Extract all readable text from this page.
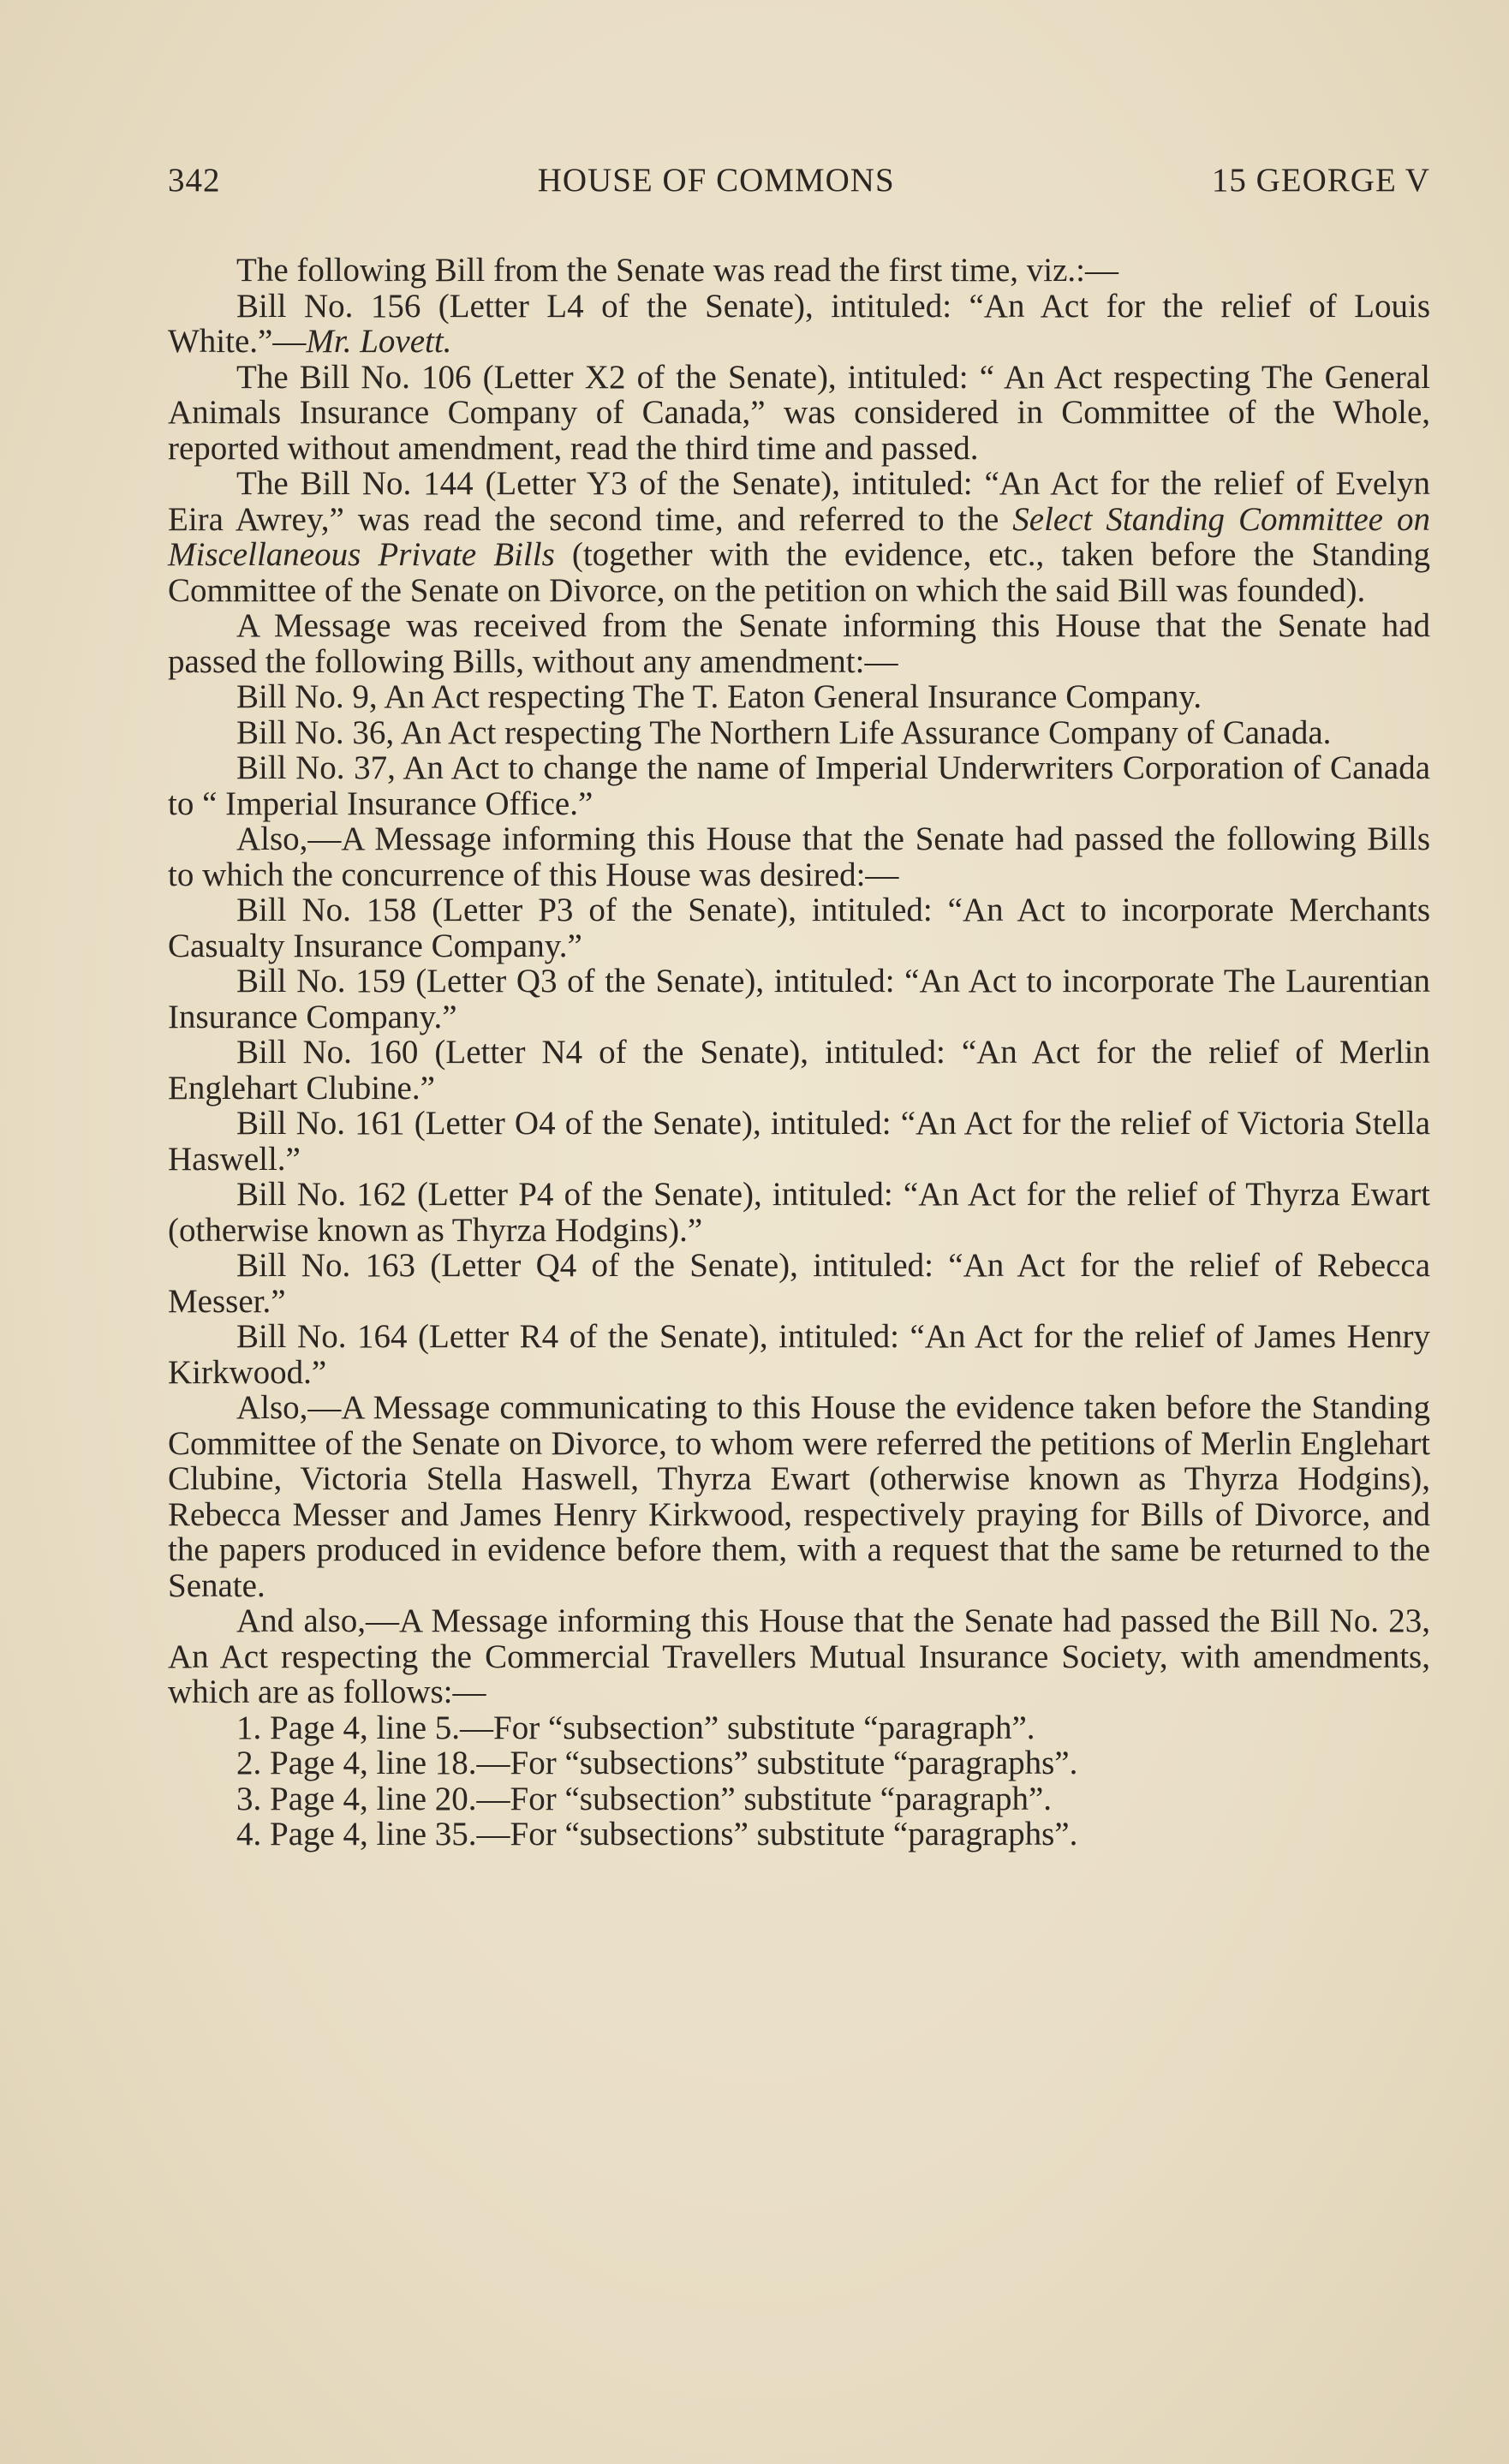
342	HOUSE OF COMMONS	15 GEORGE V

The following Bill from the Senate was read the first time, viz.:—

Bill No. 156 (Letter L4 of the Senate), intituled: “An Act for the relief of Louis White.”—Mr. Lovett.

The Bill No. 106 (Letter X2 of the Senate), intituled: “ An Act respecting The General Animals Insurance Company of Canada,” was considered in Committee of the Whole, reported without amendment, read the third time and passed.

The Bill No. 144 (Letter Y3 of the Senate), intituled: “An Act for the relief of Evelyn Eira Awrey,” was read the second time, and referred to the Select Standing Committee on Miscellaneous Private Bills (together with the evidence, etc., taken before the Standing Committee of the Senate on Divorce, on the petition on which the said Bill was founded).

A Message was received from the Senate informing this House that the Senate had passed the following Bills, without any amendment:—

Bill No. 9, An Act respecting The T. Eaton General Insurance Company.

Bill No. 36, An Act respecting The Northern Life Assurance Company of Canada.

Bill No. 37, An Act to change the name of Imperial Underwriters Corporation of Canada to “ Imperial Insurance Office.”

Also,—A Message informing this House that the Senate had passed the following Bills to which the concurrence of this House was desired:—

Bill No. 158 (Letter P3 of the Senate), intituled: “An Act to incorporate Merchants Casualty Insurance Company.”

Bill No. 159 (Letter Q3 of the Senate), intituled: “An Act to incorporate The Laurentian Insurance Company.”

Bill No. 160 (Letter N4 of the Senate), intituled: “An Act for the relief of Merlin Englehart Clubine.”

Bill No. 161 (Letter O4 of the Senate), intituled: “An Act for the relief of Victoria Stella Haswell.”

Bill No. 162 (Letter P4 of the Senate), intituled: “An Act for the relief of Thyrza Ewart (otherwise known as Thyrza Hodgins).”

Bill No. 163 (Letter Q4 of the Senate), intituled: “An Act for the relief of Rebecca Messer.”

Bill No. 164 (Letter R4 of the Senate), intituled: “An Act for the relief of James Henry Kirkwood.”

Also,—A Message communicating to this House the evidence taken before the Standing Committee of the Senate on Divorce, to whom were referred the petitions of Merlin Englehart Clubine, Victoria Stella Haswell, Thyrza Ewart (otherwise known as Thyrza Hodgins), Rebecca Messer and James Henry Kirkwood, respectively praying for Bills of Divorce, and the papers produced in evidence before them, with a request that the same be returned to the Senate.

And also,—A Message informing this House that the Senate had passed the Bill No. 23, An Act respecting the Commercial Travellers Mutual Insurance Society, with amendments, which are as follows:—

1. Page 4, line 5.—For “subsection” substitute “paragraph”.

2. Page 4, line 18.—For “subsections” substitute “paragraphs”.

3. Page 4, line 20.—For “subsection” substitute “paragraph”.

4. Page 4, line 35.—For “subsections” substitute “paragraphs”.
